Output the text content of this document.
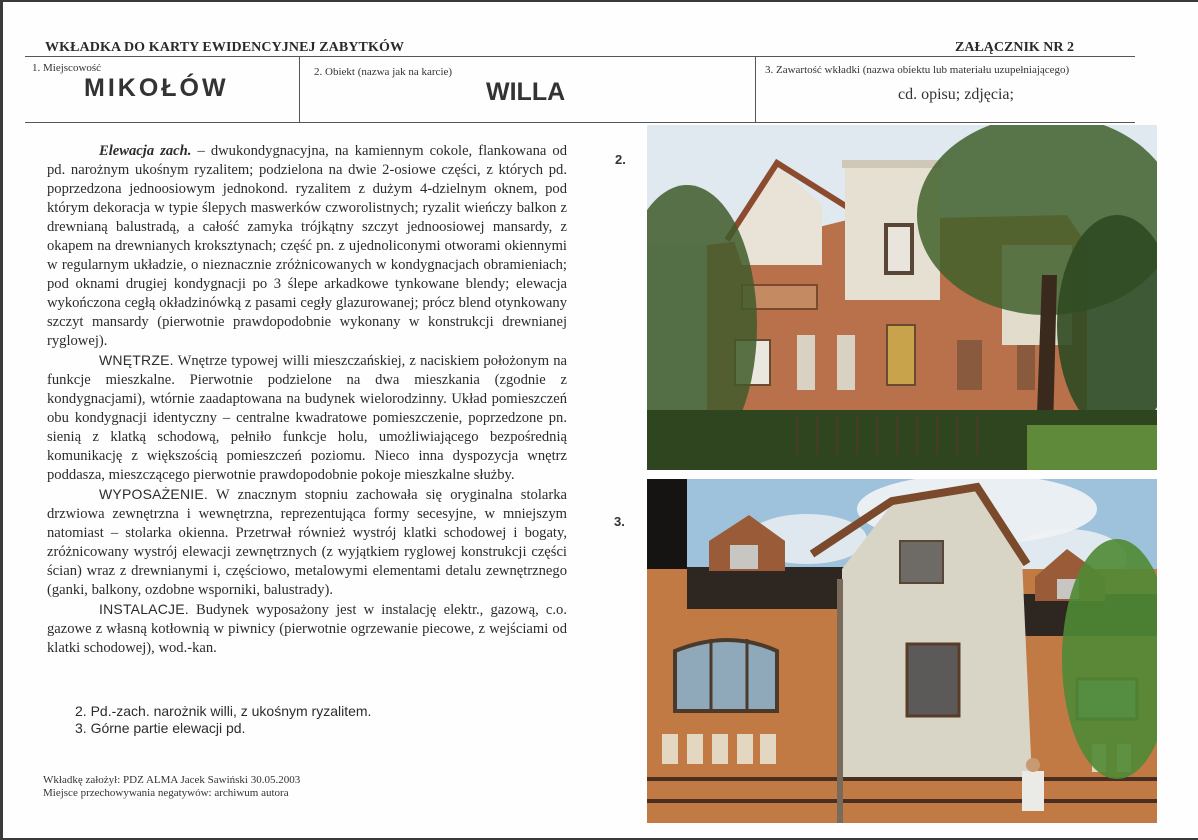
WKŁADKA DO KARTY EWIDENCYJNEJ ZABYTKÓW	ZAŁĄCZNIK NR 2
1. Miejscowość
MIKOŁÓW
2. Obiekt (nazwa jak na karcie)
WILLA
3. Zawartość wkładki (nazwa obiektu lub materiału uzupełniającego)
cd. opisu; zdjęcia;

Elewacja zach. – dwukondygnacyjna, na kamiennym cokole, flankowana od pd. narożnym ukośnym ryzalitem; podzielona na dwie 2-osiowe części, z których pd. poprzedzona jednoosiowym jednokond. ryzalitem z dużym 4-dzielnym oknem, pod którym dekoracja w typie ślepych maswerków czworolistnych; ryzalit wieńczy balkon z drewnianą balustradą, a całość zamyka trójkątny szczyt jednoosiowej mansardy, z okapem na drewnianych kroksztynach; część pn. z ujednoliconymi otworami okiennymi w regularnym układzie, o nieznacznie zróżnicowanych w kondygnacjach obramieniach; pod oknami drugiej kondygnacji po 3 ślepe arkadkowe tynkowane blendy; elewacja wykończona cegłą okładzinówką z pasami cegły glazurowanej; prócz blend otynkowany szczyt mansardy (pierwotnie prawdopodobnie wykonany w konstrukcji drewnianej ryglowej).

WNĘTRZE. Wnętrze typowej willi mieszczańskiej, z naciskiem położonym na funkcje mieszkalne. Pierwotnie podzielone na dwa mieszkania (zgodnie z kondygnacjami), wtórnie zaadaptowana na budynek wielorodzinny. Układ pomieszczeń obu kondygnacji identyczny – centralne kwadratowe pomieszczenie, poprzedzone pn. sienią z klatką schodową, pełniło funkcje holu, umożliwiającego bezpośrednią komunikację z większością pomieszczeń poziomu. Nieco inna dyspozycja wnętrz poddasza, mieszczącego pierwotnie prawdopodobnie pokoje mieszkalne służby.

WYPOSAŻENIE. W znacznym stopniu zachowała się oryginalna stolarka drzwiowa zewnętrzna i wewnętrzna, reprezentująca formy secesyjne, w mniejszym natomiast – stolarka okienna. Przetrwał również wystrój klatki schodowej i bogaty, zróżnicowany wystrój elewacji zewnętrznych (z wyjątkiem ryglowej konstrukcji części ścian) wraz z drewnianymi i, częściowo, metalowymi elementami detalu zewnętrznego (ganki, balkony, ozdobne wsporniki, balustrady).

INSTALACJE. Budynek wyposażony jest w instalację elektr., gazową, c.o. gazowe z własną kotłownią w piwnicy (pierwotnie ogrzewanie piecowe, z wejściami od klatki schodowej), wod.-kan.

2. Pd.-zach. narożnik willi, z ukośnym ryzalitem.
3. Górne partie elewacji pd.
Wkładkę założył: PDZ ALMA Jacek Sawiński 30.05.2003
Miejsce przechowywania negatywów: archiwum autora
2.
3.
